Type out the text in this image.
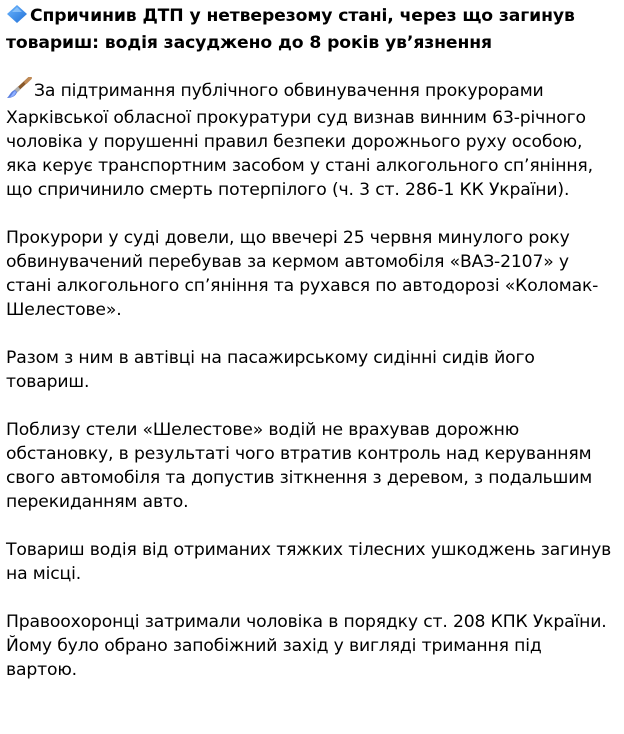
Спричинив ДТП у нетверезому стані, через що загинув товариш: водія засуджено до 8 років ув’язнення
За підтримання публічного обвинувачення прокурорами Харківської обласної прокуратури суд визнав винним 63-річного чоловіка у порушенні правил безпеки дорожнього руху особою, яка керує транспортним засобом у стані алкогольного сп’яніння, що спричинило смерть потерпілого (ч. 3 ст. 286-1 КК України).
Прокурори у суді довели, що ввечері 25 червня минулого року обвинувачений перебував за кермом автомобіля «ВАЗ-2107» у стані алкогольного сп’яніння та рухався по автодорозі «Коломак-Шелестове».
Разом з ним в автівці на пасажирському сидінні сидів його товариш.
Поблизу стели «Шелестове» водій не врахував дорожню обстановку, в результаті чого втратив контроль над керуванням свого автомобіля та допустив зіткнення з деревом, з подальшим перекиданням авто.
Товариш водія від отриманих тяжких тілесних ушкоджень загинув на місці.
Правоохоронці затримали чоловіка в порядку ст. 208 КПК України. Йому було обрано запобіжний захід у вигляді тримання під вартою.
